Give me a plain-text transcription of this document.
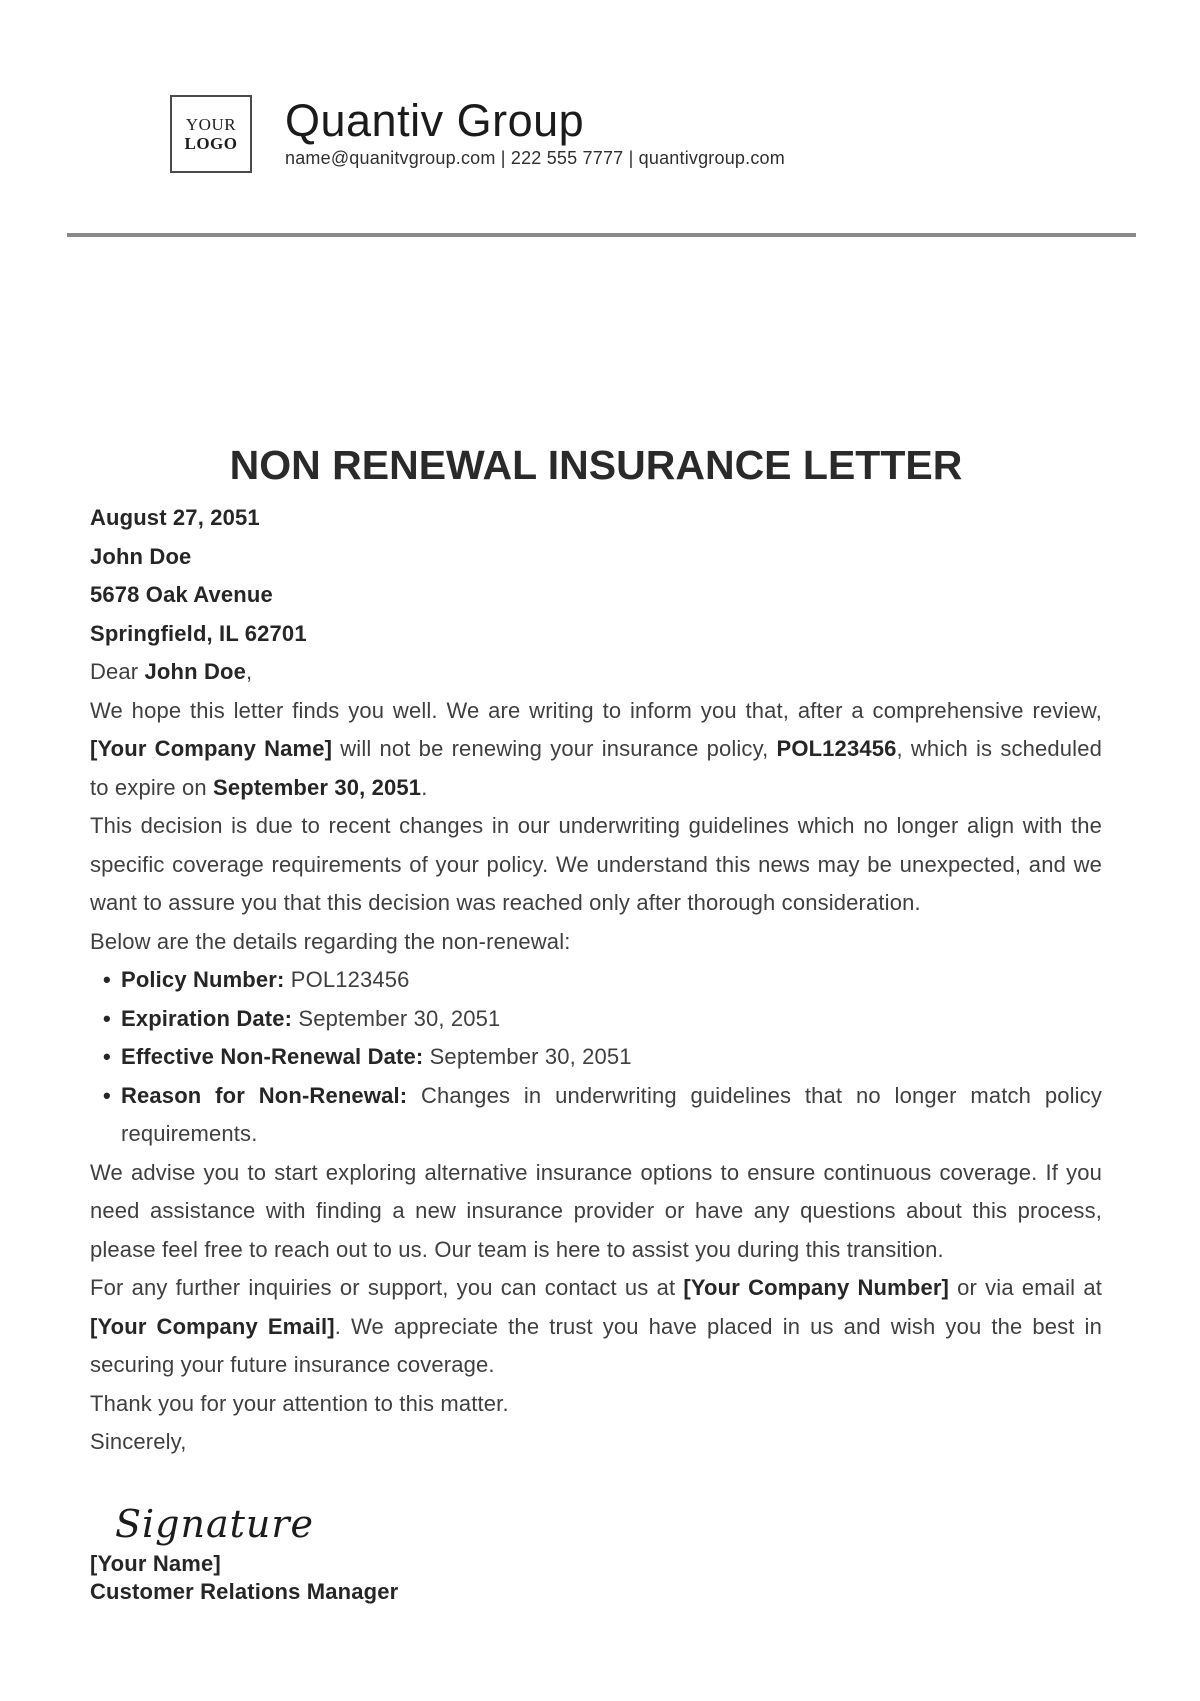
YOUR
LOGO Quantiv Group
name@quanitvgroup.com | 222 555 7777 | quantivgroup.com
NON RENEWAL INSURANCE LETTER

August 27, 2051

John Doe

5678 Oak Avenue

Springfield, IL 62701

Dear John Doe,

We hope this letter finds you well. We are writing to inform you that, after a comprehensive review, [Your Company Name] will not be renewing your insurance policy, POL123456, which is scheduled to expire on September 30, 2051.

This decision is due to recent changes in our underwriting guidelines which no longer align with the specific coverage requirements of your policy. We understand this news may be unexpected, and we want to assure you that this decision was reached only after thorough consideration.

Below are the details regarding the non-renewal:

• Policy Number: POL123456
• Expiration Date: September 30, 2051
• Effective Non-Renewal Date: September 30, 2051
• Reason for Non-Renewal: Changes in underwriting guidelines that no longer match policy requirements.

We advise you to start exploring alternative insurance options to ensure continuous coverage. If you need assistance with finding a new insurance provider or have any questions about this process, please feel free to reach out to us. Our team is here to assist you during this transition.

For any further inquiries or support, you can contact us at [Your Company Number] or via email at [Your Company Email]. We appreciate the trust you have placed in us and wish you the best in securing your future insurance coverage.

Thank you for your attention to this matter.

Sincerely,

Signature

[Your Name]

Customer Relations Manager
